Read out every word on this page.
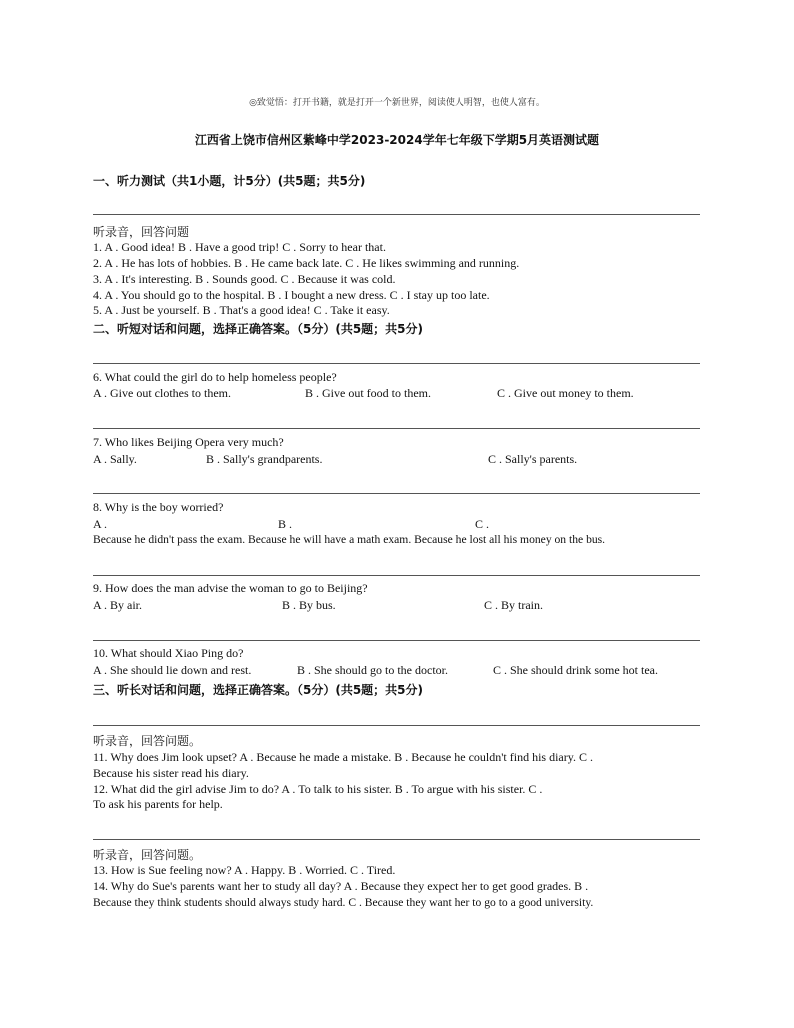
◎致觉悟：打开书籍，就是打开一个新世界，阅读使人明智，也使人富有。
江西省上饶市信州区紫峰中学2023-2024学年七年级下学期5月英语测试题
一、听力测试（共1小题，计5分）(共5题；共5分)
听录音，回答问题
1. A . Good idea! B . Have a good trip! C . Sorry to hear that.
2. A . He has lots of hobbies. B . He came back late. C . He likes swimming and running.
3. A . It's interesting. B . Sounds good. C . Because it was cold.
4. A . You should go to the hospital. B . I bought a new dress. C . I stay up too late.
5. A . Just be yourself. B . That's a good idea! C . Take it easy.
二、听短对话和问题，选择正确答案。（5分）(共5题；共5分)
6. What could the girl do to help homeless people?
A . Give out clothes to them.	B . Give out food to them.	C . Give out money to them.
7. Who likes Beijing Opera very much?
A . Sally.	B . Sally's grandparents.	C . Sally's parents.
8. Why is the boy worried?
A .	B .	C .
Because he didn't pass the exam. Because he will have a math exam. Because he lost all his money on the bus.
9. How does the man advise the woman to go to Beijing?
A . By air.	B . By bus.	C . By train.
10. What should Xiao Ping do?
A . She should lie down and rest.	B . She should go to the doctor.	C . She should drink some hot tea.
三、听长对话和问题，选择正确答案。（5分）(共5题；共5分)
听录音，回答问题。
11. Why does Jim look upset? A . Because he made a mistake. B . Because he couldn't find his diary. C .
Because his sister read his diary.
12. What did the girl advise Jim to do? A . To talk to his sister. B . To argue with his sister. C .
To ask his parents for help.
听录音，回答问题。
13. How is Sue feeling now? A . Happy. B . Worried. C . Tired.
14. Why do Sue's parents want her to study all day? A . Because they expect her to get good grades. B .
Because they think students should always study hard. C . Because they want her to go to a good university.
